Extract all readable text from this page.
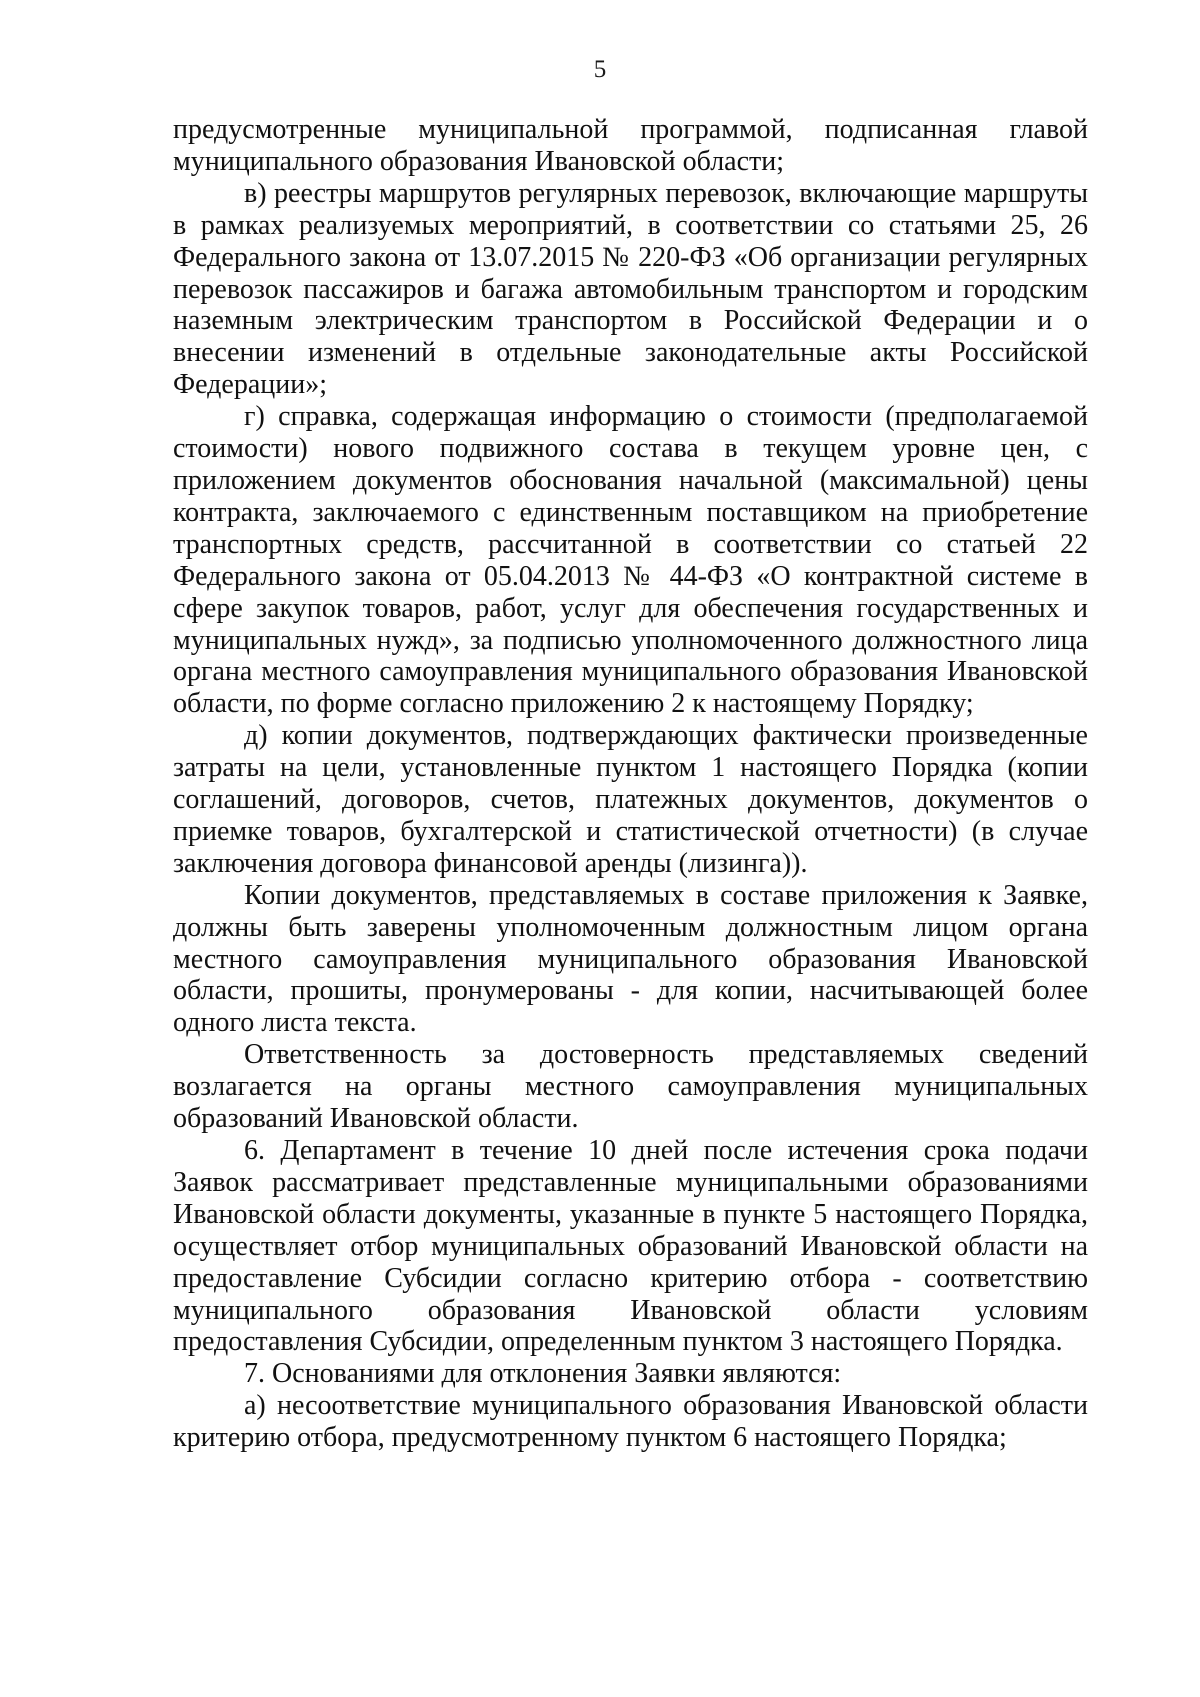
5

предусмотренные муниципальной программой, подписанная главой муниципального образования Ивановской области;

в) реестры маршрутов регулярных перевозок, включающие маршруты в рамках реализуемых мероприятий, в соответствии со статьями 25, 26 Федерального закона от 13.07.2015 № 220-ФЗ «Об организации регулярных перевозок пассажиров и багажа автомобильным транспортом и городским наземным электрическим транспортом в Российской Федерации и о внесении изменений в отдельные законодательные акты Российской Федерации»;

г) справка, содержащая информацию о стоимости (предполагаемой стоимости) нового подвижного состава в текущем уровне цен, с приложением документов обоснования начальной (максимальной) цены контракта, заключаемого с единственным поставщиком на приобретение транспортных средств, рассчитанной в соответствии со статьей 22 Федерального закона от 05.04.2013 № 44-ФЗ «О контрактной системе в сфере закупок товаров, работ, услуг для обеспечения государственных и муниципальных нужд», за подписью уполномоченного должностного лица органа местного самоуправления муниципального образования Ивановской области, по форме согласно приложению 2 к настоящему Порядку;

д) копии документов, подтверждающих фактически произведенные затраты на цели, установленные пунктом 1 настоящего Порядка (копии соглашений, договоров, счетов, платежных документов, документов о приемке товаров, бухгалтерской и статистической отчетности) (в случае заключения договора финансовой аренды (лизинга)).

Копии документов, представляемых в составе приложения к Заявке, должны быть заверены уполномоченным должностным лицом органа местного самоуправления муниципального образования Ивановской области, прошиты, пронумерованы - для копии, насчитывающей более одного листа текста.

Ответственность за достоверность представляемых сведений возлагается на органы местного самоуправления муниципальных образований Ивановской области.

6. Департамент в течение 10 дней после истечения срока подачи Заявок рассматривает представленные муниципальными образованиями Ивановской области документы, указанные в пункте 5 настоящего Порядка, осуществляет отбор муниципальных образований Ивановской области на предоставление Субсидии согласно критерию отбора - соответствию муниципального образования Ивановской области условиям предоставления Субсидии, определенным пунктом 3 настоящего Порядка.

7. Основаниями для отклонения Заявки являются:

а) несоответствие муниципального образования Ивановской области критерию отбора, предусмотренному пунктом 6 настоящего Порядка;
